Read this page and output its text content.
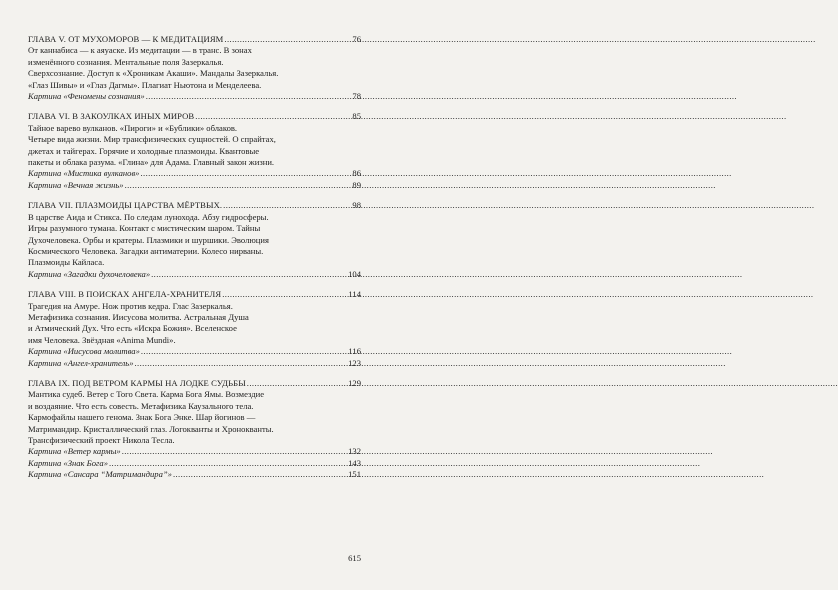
ГЛАВА V. ОТ МУХОМОРОВ — К МЕДИТАЦИЯМ .....	76

От каннабиса — к аяуаске. Из медитации — в транс. В зонах

изменённого сознания. Ментальные поля Зазеркалья.

Сверхсознание. Доступ к «Хроникам Акаши». Мандалы Зазеркалья.

«Глаз Шивы» и «Глаз Дагмы». Плагиат Ньютона и Менделеева.

Картина «Феномены сознания» .....	78
ГЛАВА VI. В ЗАКОУЛКАХ ИНЫХ МИРОВ .....	85

Тайное варево вулканов. «Пироги» и «Бублики» облаков.

Четыре вида жизни. Мир трансфизических сущностей. О спрайтах,

джетах и тайгерах. Горячие и холодные плазмоиды. Квантовые

пакеты и облака разума. «Глина» для Адама. Главный закон жизни.

Картина «Мистика вулканов» .....	86
Картина «Вечная жизнь» .....	89
ГЛАВА VII. ПЛАЗМОИДЫ ЦАРСТВА МЁРТВЫХ. .....	98

В царстве Аида и Стикса. По следам лунохода. Абзу гидросферы.

Игры разумного тумана. Контакт с мистическим шаром. Тайны

Духочеловека. Орбы и кратеры. Плазмики и шуршики. Эволюция

Космического Человека. Загадки антиматерии. Колесо нирваны.

Плазмоиды Кайласа.

Картина «Загадки духочеловека» .....	104
ГЛАВА VIII. В ПОИСКАХ АНГЕЛА-ХРАНИТЕЛЯ .....	114

Трагедия на Амуре. Нож против кедра. Глас Зазеркалья.

Метафизика сознания. Иисусова молитва. Астральная Душа

и Атмический Дух. Что есть «Искра Божия». Вселенское

имя Человека. Звёздная «Anima Mundi».

Картина «Иисусова молитва» .....	116
Картина «Ангел-хранитель» .....	123
ГЛАВА IX. ПОД ВЕТРОМ КАРМЫ НА ЛОДКЕ СУДЬБЫ .....	129

Мантика судеб. Ветер с Того Света. Карма Бога Ямы. Возмездие

и воздаяние. Что есть совесть. Метафизика Каузального тела.

Кармофайлы нашего генома. Знак Бога Энке. Шар йогинов —

Матримандир. Кристаллический глаз. Логокванты и Хронокванты.

Трансфизический проект Никола Тесла.

Картина «Ветер кармы» .....	132
Картина «Знак Бога» .....	143
Картина «Сансара “Матримандира”» .....	151
615
